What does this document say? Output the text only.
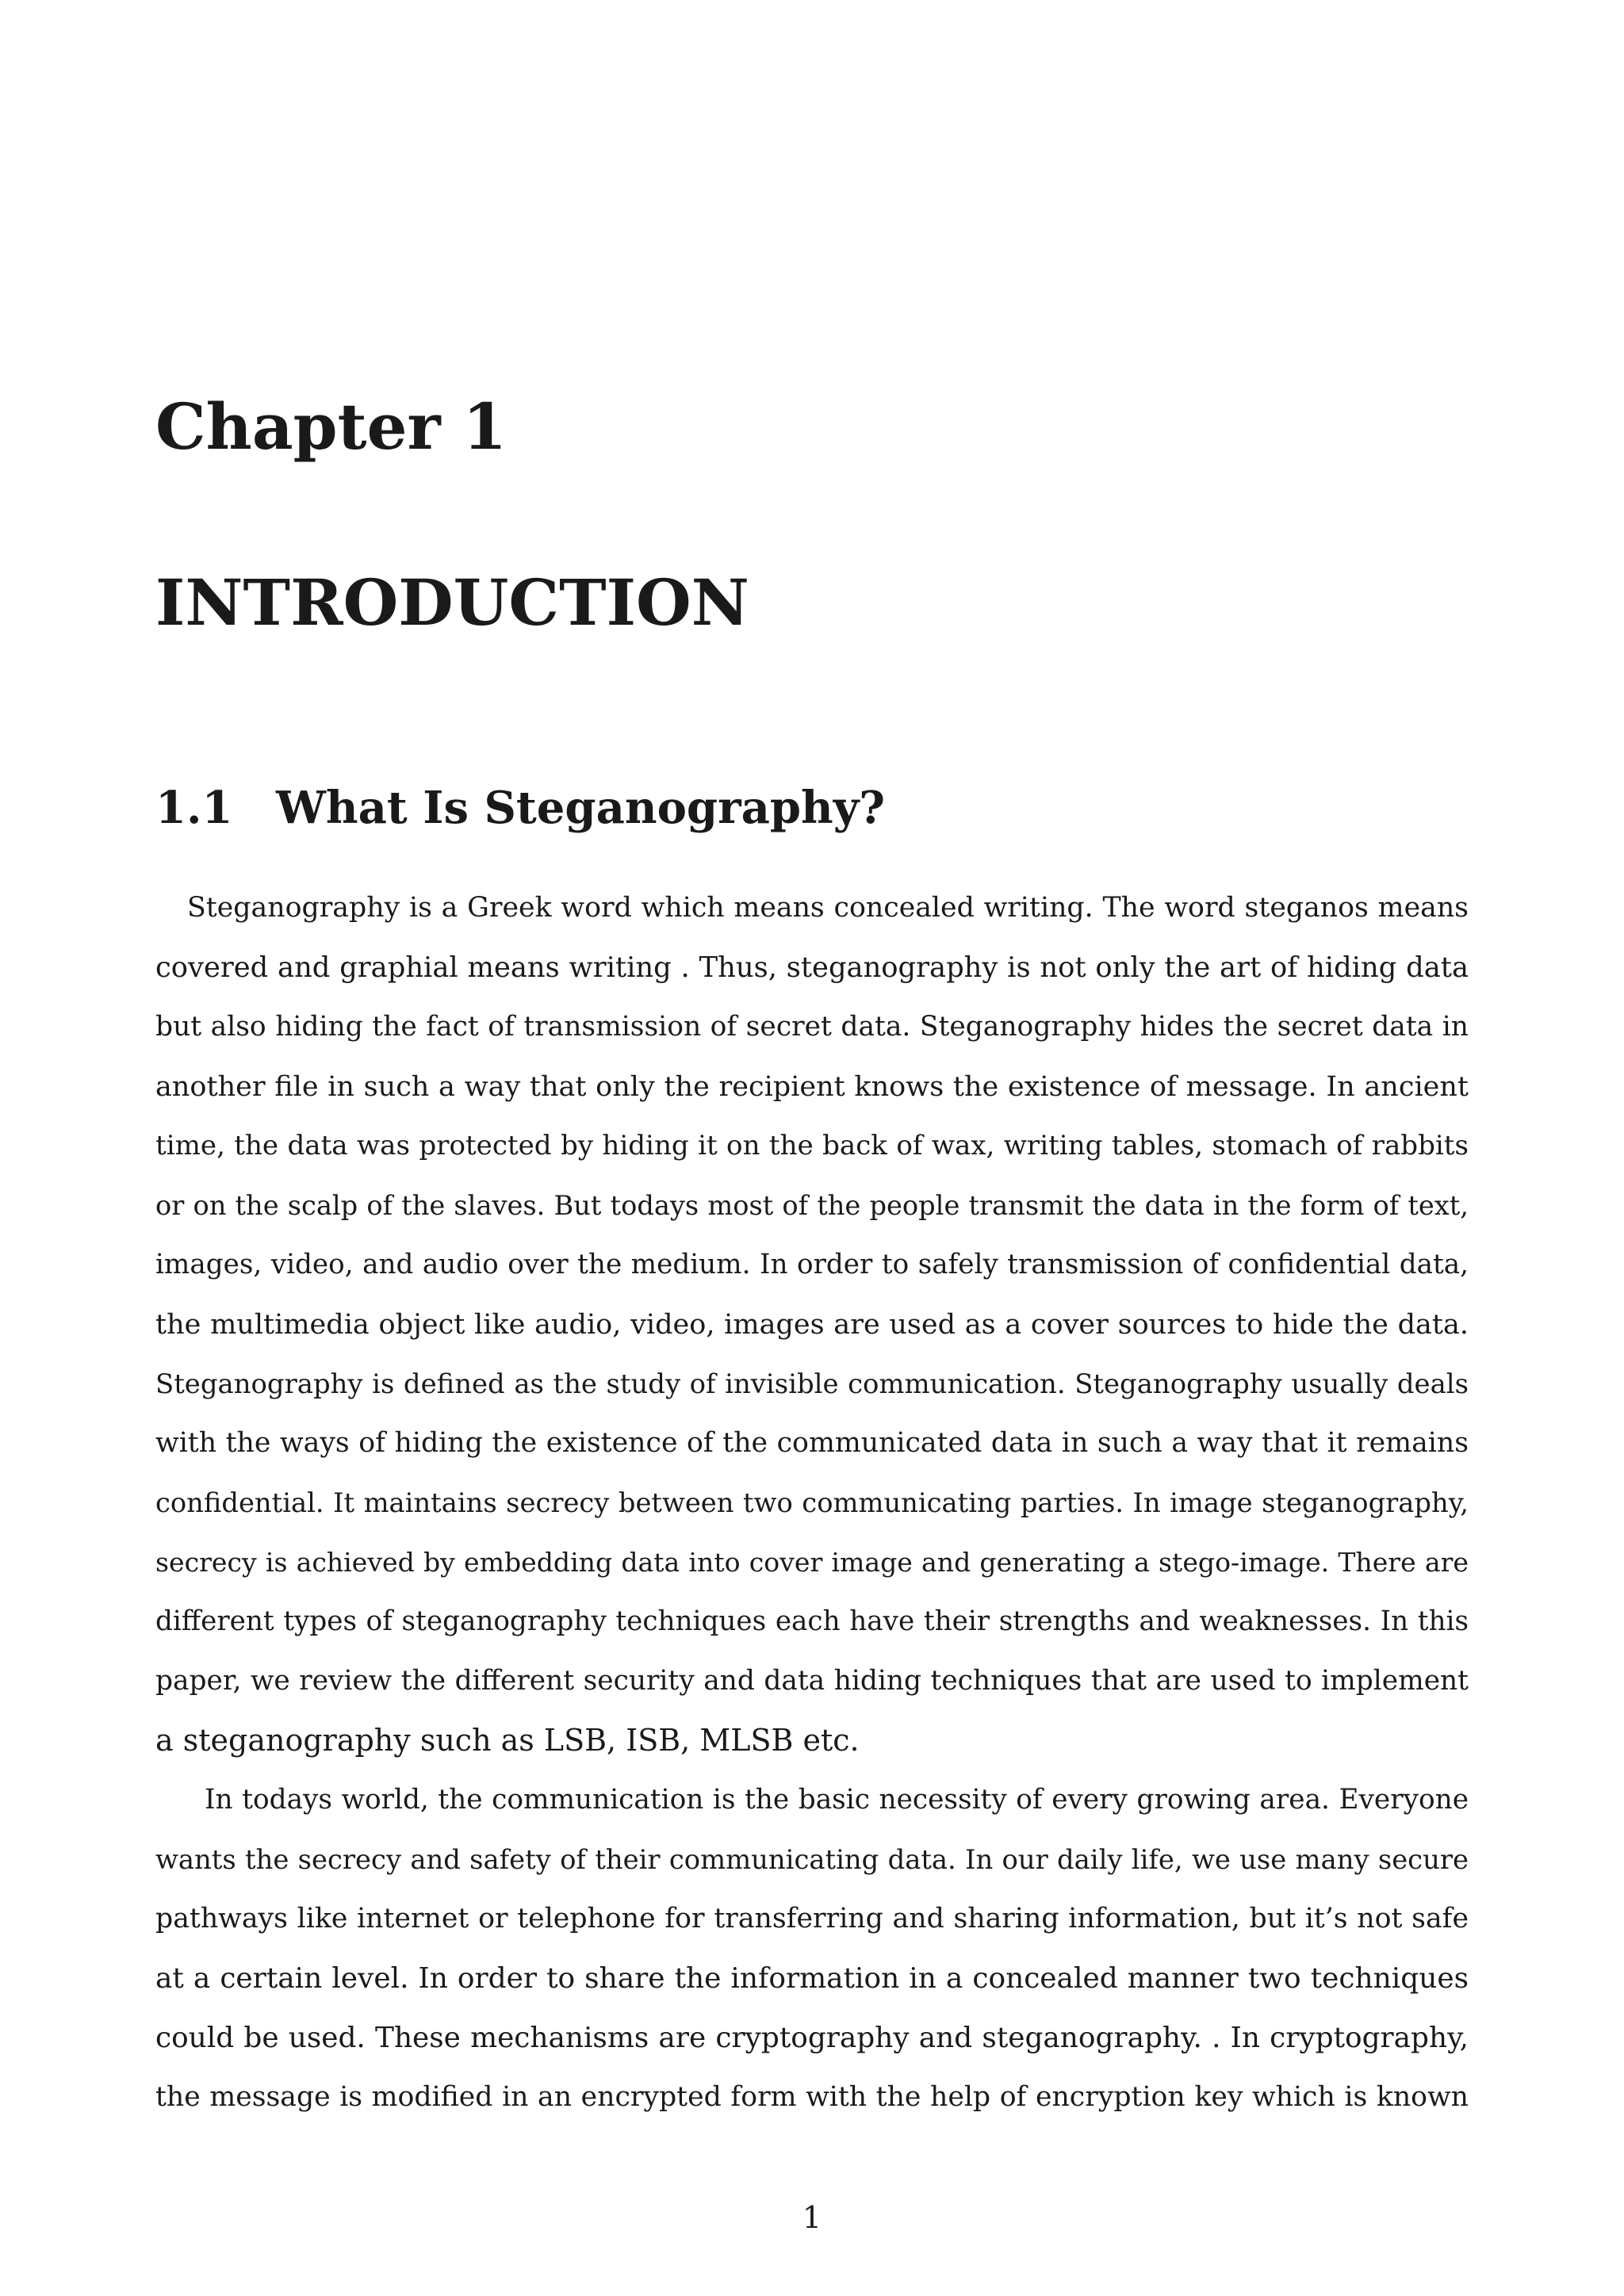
Chapter 1
INTRODUCTION
1.1 What Is Steganography?
Steganography is a Greek word which means concealed writing. The word steganos means
covered and graphial means writing . Thus, steganography is not only the art of hiding data
but also hiding the fact of transmission of secret data. Steganography hides the secret data in
another file in such a way that only the recipient knows the existence of message. In ancient
time, the data was protected by hiding it on the back of wax, writing tables, stomach of rabbits
or on the scalp of the slaves. But todays most of the people transmit the data in the form of text,
images, video, and audio over the medium. In order to safely transmission of confidential data,
the multimedia object like audio, video, images are used as a cover sources to hide the data.
Steganography is defined as the study of invisible communication. Steganography usually deals
with the ways of hiding the existence of the communicated data in such a way that it remains
confidential. It maintains secrecy between two communicating parties. In image steganography,
secrecy is achieved by embedding data into cover image and generating a stego-image. There are
different types of steganography techniques each have their strengths and weaknesses. In this
paper, we review the different security and data hiding techniques that are used to implement
a steganography such as LSB, ISB, MLSB etc.
In todays world, the communication is the basic necessity of every growing area. Everyone
wants the secrecy and safety of their communicating data. In our daily life, we use many secure
pathways like internet or telephone for transferring and sharing information, but it’s not safe
at a certain level. In order to share the information in a concealed manner two techniques
could be used. These mechanisms are cryptography and steganography. . In cryptography,
the message is modified in an encrypted form with the help of encryption key which is known
1
